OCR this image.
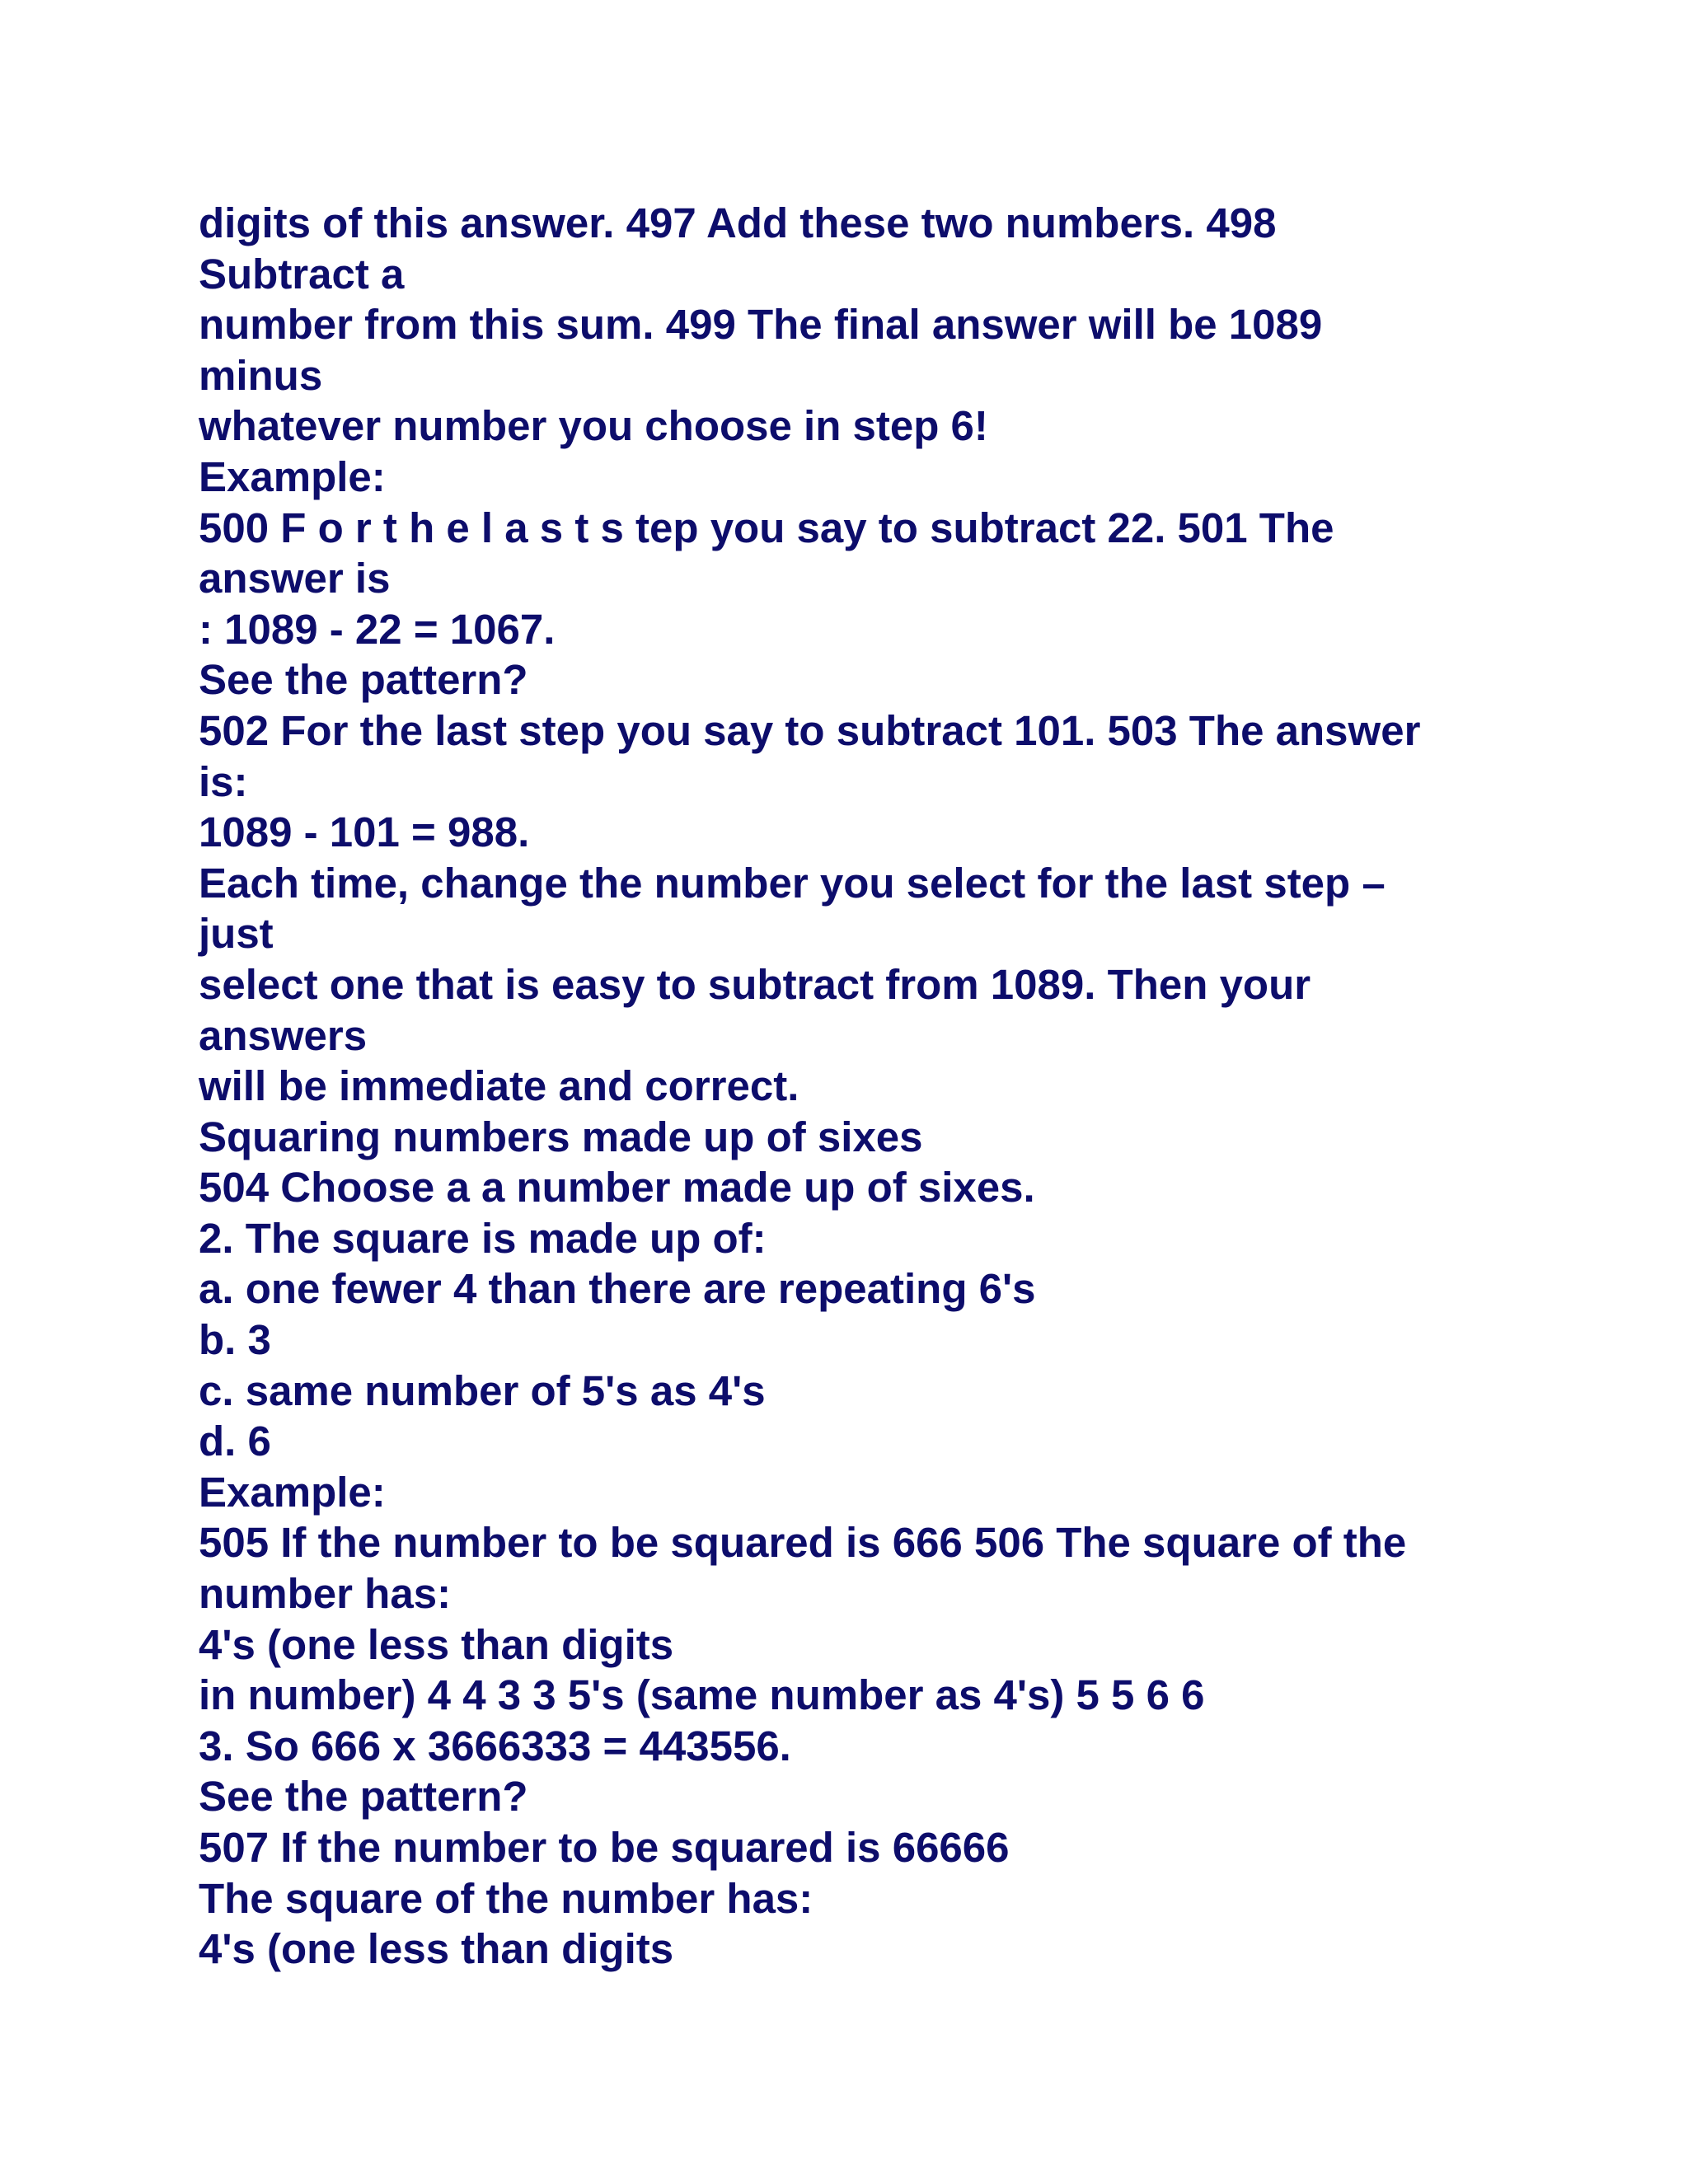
digits of this answer. 497 Add these two numbers. 498
Subtract a
number from this sum. 499 The final answer will be 1089
minus
whatever number you choose in step 6!
Example:
500 F o r t h e l a s t s tep you say to subtract 22. 501 The
answer is
: 1089 - 22 = 1067.
See the pattern?
502 For the last step you say to subtract 101. 503 The answer
is:
1089 - 101 = 988.
Each time, change the number you select for the last step –
just
select one that is easy to subtract from 1089. Then your
answers
will be immediate and correct.
Squaring numbers made up of sixes
504 Choose a a number made up of sixes.
2. The square is made up of:
a. one fewer 4 than there are repeating 6's
b. 3
c. same number of 5's as 4's
d. 6
Example:
505 If the number to be squared is 666 506 The square of the
number has:
4's (one less than digits
in number) 4 4 3 3 5's (same number as 4's) 5 5 6 6
3. So 666 x 3666333 = 443556.
See the pattern?
507 If the number to be squared is 66666
The square of the number has:
4's (one less than digits
